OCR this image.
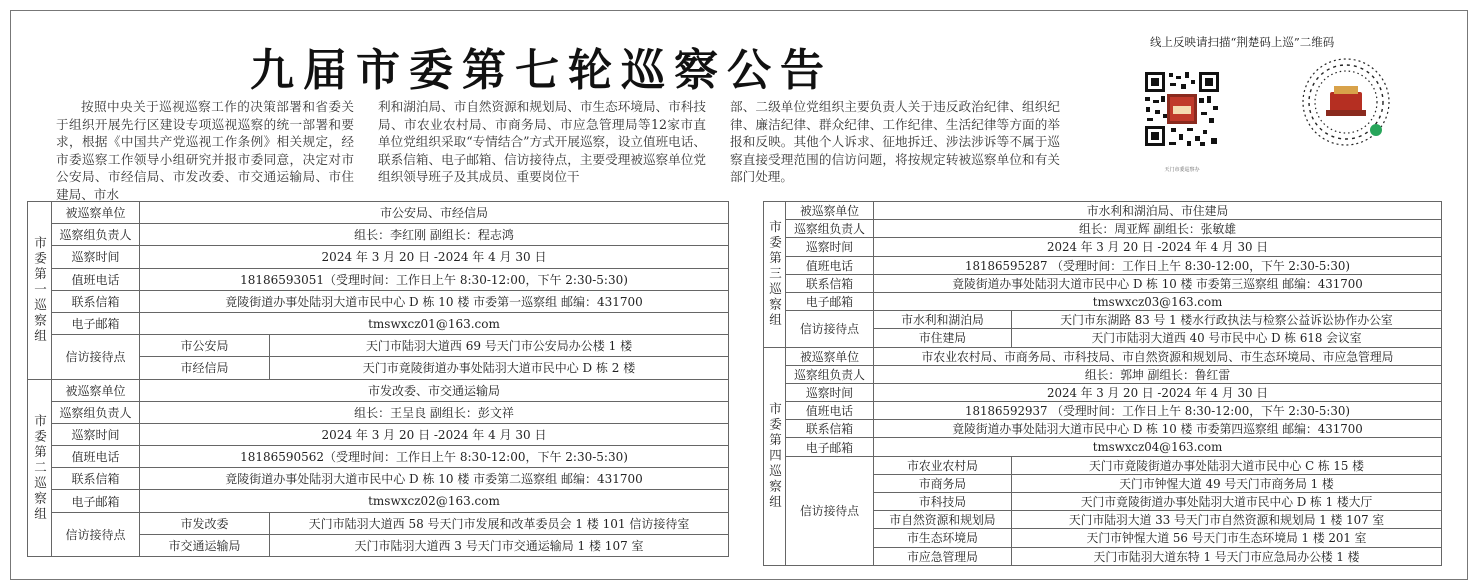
九届市委第七轮巡察公告
按照中央关于巡视巡察工作的决策部署和省委关于组织开展先行区建设专项巡视巡察的统一部署和要求，根据《中国共产党巡视工作条例》相关规定，经市委巡察工作领导小组研究并报市委同意，决定对市公安局、市经信局、市发改委、市交通运输局、市住建局、市水
利和湖泊局、市自然资源和规划局、市生态环境局、市科技局、市农业农村局、市商务局、市应急管理局等12家市直单位党组织采取“专情结合”方式开展巡察，设立值班电话、联系信箱、电子邮箱、信访接待点，主要受理被巡察单位党组织领导班子及其成员、重要岗位干
部、二级单位党组织主要负责人关于违反政治纪律、组织纪律、廉洁纪律、群众纪律、工作纪律、生活纪律等方面的举报和反映。其他个人诉求、征地拆迁、涉法涉诉等不属于巡察直接受理范围的信访问题，将按规定转被巡察单位和有关部门处理。
线上反映请扫描“荆楚码上巡”二维码
天门市委巡察办
市委第一巡察组	被巡察单位	市公安局、市经信局	
	巡察组负责人	组长：李红刚 副组长：程志鸿	
	巡察时间	2024 年 3 月 20 日 -2024 年 4 月 30 日	
	值班电话	18186593051（受理时间：工作日上午 8:30-12:00，下午 2:30-5:30)	
	联系信箱	竟陵街道办事处陆羽大道市民中心 D 栋 10 楼 市委第一巡察组 邮编：431700	
	电子邮箱	tmswxcz01@163.com	
	信访接待点	市公安局	天门市陆羽大道西 69 号天门市公安局办公楼 1 楼
		市经信局	天门市竟陵街道办事处陆羽大道市民中心 D 栋 2 楼
市委第二巡察组	被巡察单位	市发改委、市交通运输局	
	巡察组负责人	组长：王呈良 副组长：彭文祥	
	巡察时间	2024 年 3 月 20 日 -2024 年 4 月 30 日	
	值班电话	18186590562（受理时间：工作日上午 8:30-12:00，下午 2:30-5:30)	
	联系信箱	竟陵街道办事处陆羽大道市民中心 D 栋 10 楼 市委第二巡察组 邮编：431700	
	电子邮箱	tmswxcz02@163.com	
	信访接待点	市发改委	天门市陆羽大道西 58 号天门市发展和改革委员会 1 楼 101 信访接待室
		市交通运输局	天门市陆羽大道西 3 号天门市交通运输局 1 楼 107 室
市委第三巡察组	被巡察单位	市水利和湖泊局、市住建局	
	巡察组负责人	组长：周亚辉 副组长：张敏雄	
	巡察时间	2024 年 3 月 20 日 -2024 年 4 月 30 日	
	值班电话	18186595287 （受理时间：工作日上午 8:30-12:00，下午 2:30-5:30)	
	联系信箱	竟陵街道办事处陆羽大道市民中心 D 栋 10 楼 市委第三巡察组 邮编：431700	
	电子邮箱	tmswxcz03@163.com	
	信访接待点	市水利和湖泊局	天门市东湖路 83 号 1 楼水行政执法与检察公益诉讼协作办公室
		市住建局	天门市陆羽大道西 40 号市民中心 D 栋 618 会议室
市委第四巡察组	被巡察单位	市农业农村局、市商务局、市科技局、市自然资源和规划局、市生态环境局、市应急管理局	
	巡察组负责人	组长：郭坤 副组长：鲁红雷	
	巡察时间	2024 年 3 月 20 日 -2024 年 4 月 30 日	
	值班电话	18186592937 （受理时间：工作日上午 8:30-12:00，下午 2:30-5:30)	
	联系信箱	竟陵街道办事处陆羽大道市民中心 D 栋 10 楼 市委第四巡察组 邮编：431700	
	电子邮箱	tmswxcz04@163.com	
	信访接待点	市农业农村局	天门市竟陵街道办事处陆羽大道市民中心 C 栋 15 楼
		市商务局	天门市钟惺大道 49 号天门市商务局 1 楼
		市科技局	天门市竟陵街道办事处陆羽大道市民中心 D 栋 1 楼大厅
		市自然资源和规划局	天门市陆羽大道 33 号天门市自然资源和规划局 1 楼 107 室
		市生态环境局	天门市钟惺大道 56 号天门市生态环境局 1 楼 201 室
		市应急管理局	天门市陆羽大道东特 1 号天门市应急局办公楼 1 楼
